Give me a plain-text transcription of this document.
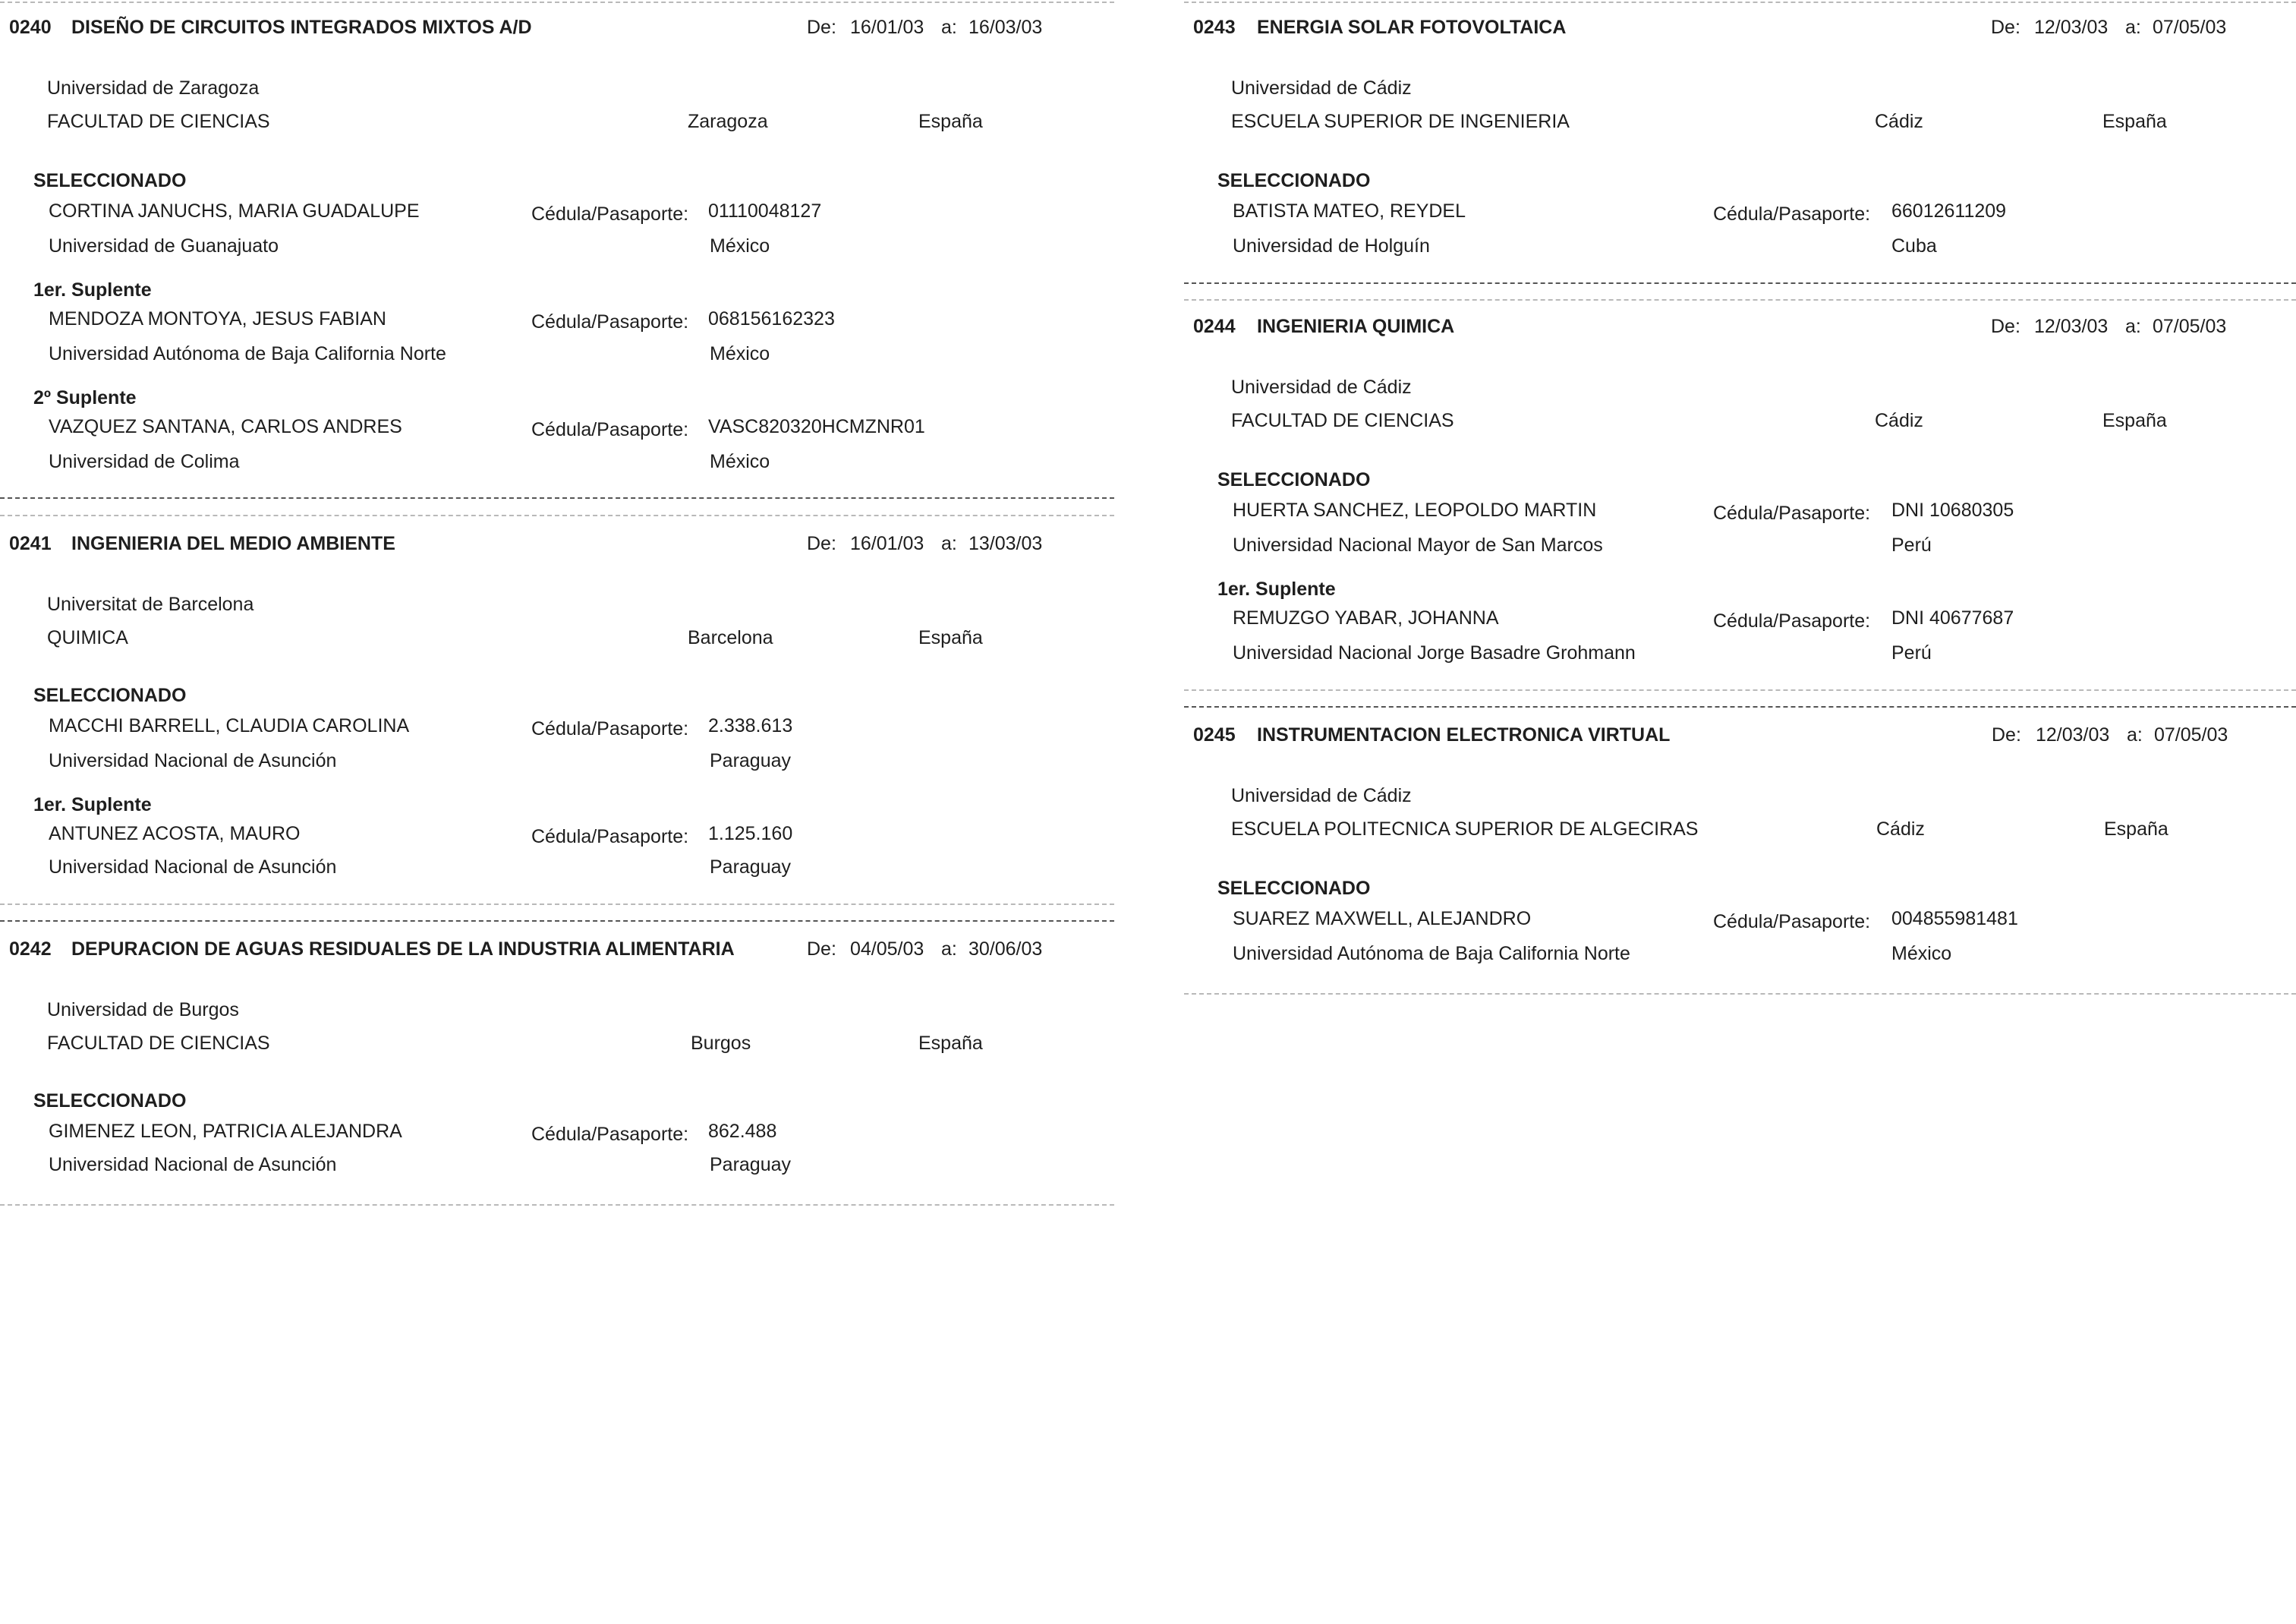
0240 DISEÑO DE CIRCUITOS INTEGRADOS MIXTOS A/D	De: 16/01/03 a: 16/03/03
Universidad de Zaragoza
FACULTAD DE CIENCIAS	Zaragoza	España
SELECCIONADO
CORTINA JANUCHS, MARIA GUADALUPE	Cédula/Pasaporte: 01110048127
Universidad de Guanajuato	México
1er. Suplente
MENDOZA MONTOYA, JESUS FABIAN	Cédula/Pasaporte: 068156162323
Universidad Autónoma de Baja California Norte	México
2º Suplente
VAZQUEZ SANTANA, CARLOS ANDRES	Cédula/Pasaporte: VASC820320HCMZNR01
Universidad de Colima	México
0241 INGENIERIA DEL MEDIO AMBIENTE	De: 16/01/03 a: 13/03/03
Universitat de Barcelona
QUIMICA	Barcelona	España
SELECCIONADO
MACCHI BARRELL, CLAUDIA CAROLINA	Cédula/Pasaporte: 2.338.613
Universidad Nacional de Asunción	Paraguay
1er. Suplente
ANTUNEZ ACOSTA, MAURO	Cédula/Pasaporte: 1.125.160
Universidad Nacional de Asunción	Paraguay
0242 DEPURACION DE AGUAS RESIDUALES DE LA INDUSTRIA ALIMENTARIA	De: 04/05/03 a: 30/06/03
Universidad de Burgos
FACULTAD DE CIENCIAS	Burgos	España
SELECCIONADO
GIMENEZ LEON, PATRICIA ALEJANDRA	Cédula/Pasaporte: 862.488
Universidad Nacional de Asunción	Paraguay
0243 ENERGIA SOLAR FOTOVOLTAICA	De: 12/03/03 a: 07/05/03
Universidad de Cádiz
ESCUELA SUPERIOR DE INGENIERIA	Cádiz	España
SELECCIONADO
BATISTA MATEO, REYDEL	Cédula/Pasaporte: 66012611209
Universidad de Holguín	Cuba
0244 INGENIERIA QUIMICA	De: 12/03/03 a: 07/05/03
Universidad de Cádiz
FACULTAD DE CIENCIAS	Cádiz	España
SELECCIONADO
HUERTA SANCHEZ, LEOPOLDO MARTIN	Cédula/Pasaporte: DNI 10680305
Universidad Nacional Mayor de San Marcos	Perú
1er. Suplente
REMUZGO YABAR, JOHANNA	Cédula/Pasaporte: DNI 40677687
Universidad Nacional Jorge Basadre Grohmann	Perú
0245 INSTRUMENTACION ELECTRONICA VIRTUAL	De: 12/03/03 a: 07/05/03
Universidad de Cádiz
ESCUELA POLITECNICA SUPERIOR DE ALGECIRAS	Cádiz	España
SELECCIONADO
SUAREZ MAXWELL, ALEJANDRO	Cédula/Pasaporte: 004855981481
Universidad Autónoma de Baja California Norte	México
